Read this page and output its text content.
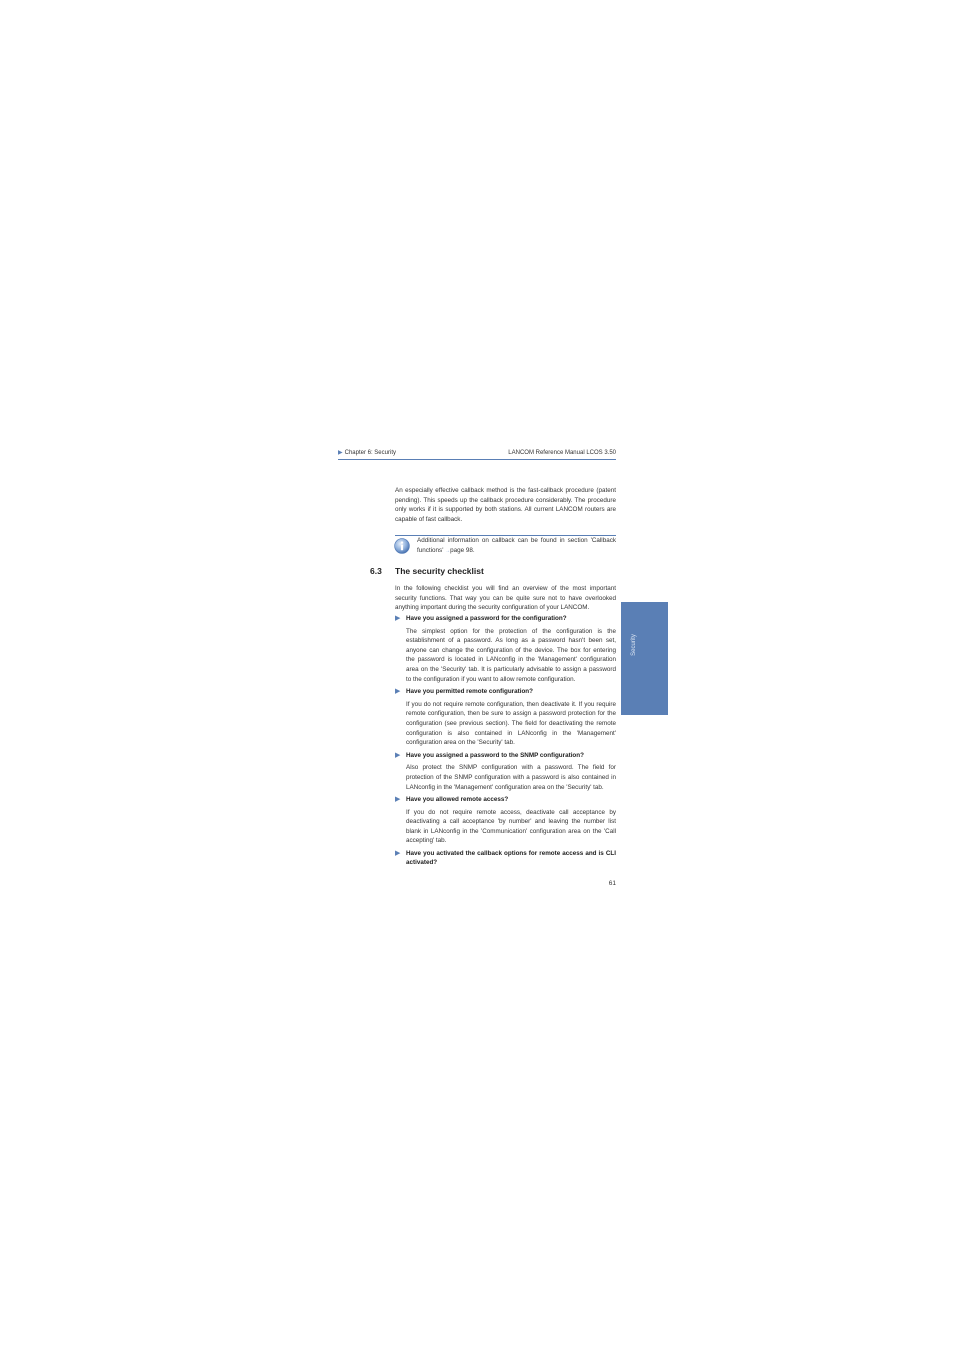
▶ Chapter 6: Security	LANCOM Reference Manual LCOS 3.50
An especially effective callback method is the fast-callback procedure (patent pending). This speeds up the callback procedure considerably. The procedure only works if it is supported by both stations. All current LANCOM routers are capable of fast callback.
Additional information on callback can be found in section 'Callback functions' →page 98.
6.3 The security checklist
In the following checklist you will find an overview of the most important security functions. That way you can be quite sure not to have overlooked anything important during the security configuration of your LANCOM.
▶ Have you assigned a password for the configuration?
The simplest option for the protection of the configuration is the establishment of a password. As long as a password hasn't been set, anyone can change the configuration of the device. The box for entering the password is located in LANconfig in the 'Management' configuration area on the 'Security' tab. It is particularly advisable to assign a password to the configuration if you want to allow remote configuration.
▶ Have you permitted remote configuration?
If you do not require remote configuration, then deactivate it. If you require remote configuration, then be sure to assign a password protection for the configuration (see previous section). The field for deactivating the remote configuration is also contained in LANconfig in the 'Management' configuration area on the 'Security' tab.
▶ Have you assigned a password to the SNMP configuration?
Also protect the SNMP configuration with a password. The field for protection of the SNMP configuration with a password is also contained in LANconfig in the 'Management' configuration area on the 'Security' tab.
▶ Have you allowed remote access?
If you do not require remote access, deactivate call acceptance by deactivating a call acceptance 'by number' and leaving the number list blank in LANconfig in the 'Communication' configuration area on the 'Call accepting' tab.
▶ Have you activated the callback options for remote access and is CLI activated?
Security
61
